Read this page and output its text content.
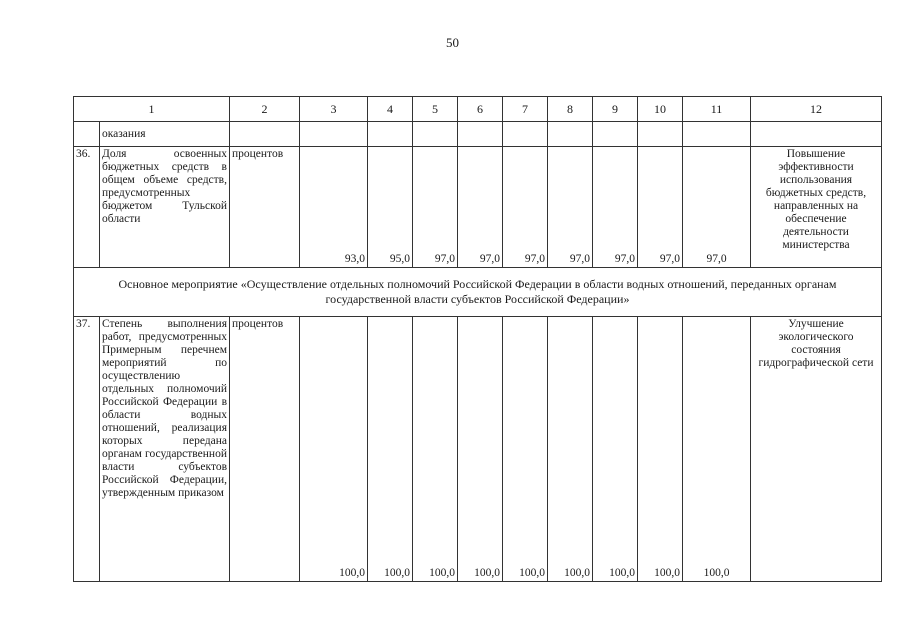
50
1		2	3	4	5	6	7	8	9	10	11	12
	оказания											
36.	Доля освоенных бюджетных средств в общем объеме средств, предусмотренных бюджетом Тульской области	процентов	93,0	95,0	97,0	97,0	97,0	97,0	97,0	97,0	97,0	Повышение эффективности использования бюджетных средств, направленных на обеспечение деятельности министерства
Основное мероприятие «Осуществление отдельных полномочий Российской Федерации в области водных отношений, переданных органам государственной власти субъектов Российской Федерации»												
37.	Степень выполнения работ, предусмотренных Примерным перечнем мероприятий по осуществлению отдельных полномочий Российской Федерации в области водных отношений, реализация которых передана органам государственной власти субъектов Российской Федерации, утвержденным приказом	процентов	100,0	100,0	100,0	100,0	100,0	100,0	100,0	100,0	100,0	Улучшение экологического состояния гидрографической сети
